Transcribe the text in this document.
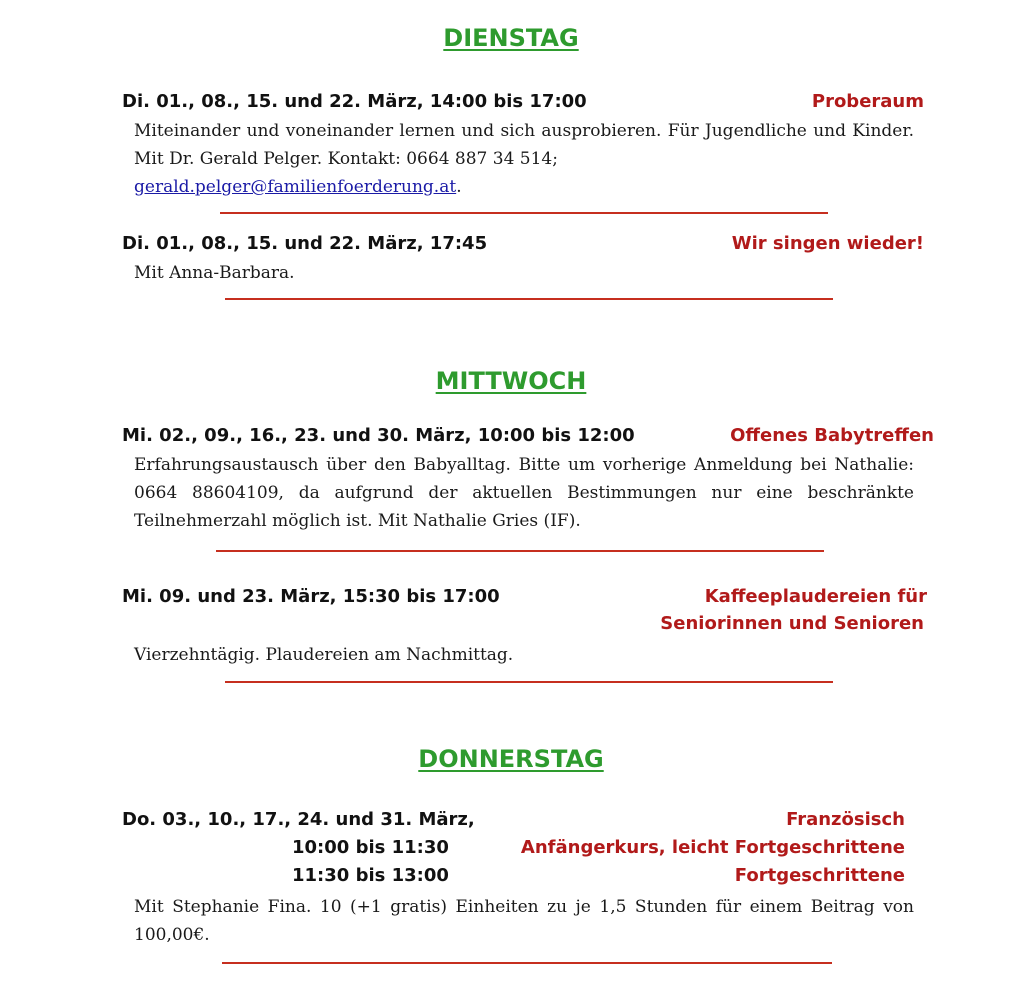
DIENSTAG
Di. 01., 08., 15. und 22. März, 14:00 bis 17:00	Proberaum
Miteinander und voneinander lernen und sich ausprobieren. Für Jugendliche und Kinder. Mit Dr. Gerald Pelger. Kontakt: 0664 887 34 514;
gerald.pelger@familienfoerderung.at.
Di. 01., 08., 15. und 22. März, 17:45	Wir singen wieder!
Mit Anna-Barbara.
MITTWOCH
Mi. 02., 09., 16., 23. und 30. März, 10:00 bis 12:00	Offenes Babytreffen
Erfahrungsaustausch über den Babyalltag. Bitte um vorherige Anmeldung bei Nathalie: 0664 88604109, da aufgrund der aktuellen Bestimmungen nur eine beschränkte Teilnehmerzahl möglich ist. Mit Nathalie Gries (IF).
Mi. 09. und 23. März, 15:30 bis 17:00	Kaffeeplaudereien für
Seniorinnen und Senioren
Vierzehntägig. Plaudereien am Nachmittag.
DONNERSTAG
Do. 03., 10., 17., 24. und 31. März,	Französisch
10:00 bis 11:30	Anfängerkurs, leicht Fortgeschrittene
11:30 bis 13:00	Fortgeschrittene
Mit Stephanie Fina. 10 (+1 gratis) Einheiten zu je 1,5 Stunden für einem Beitrag von 100,00€.
